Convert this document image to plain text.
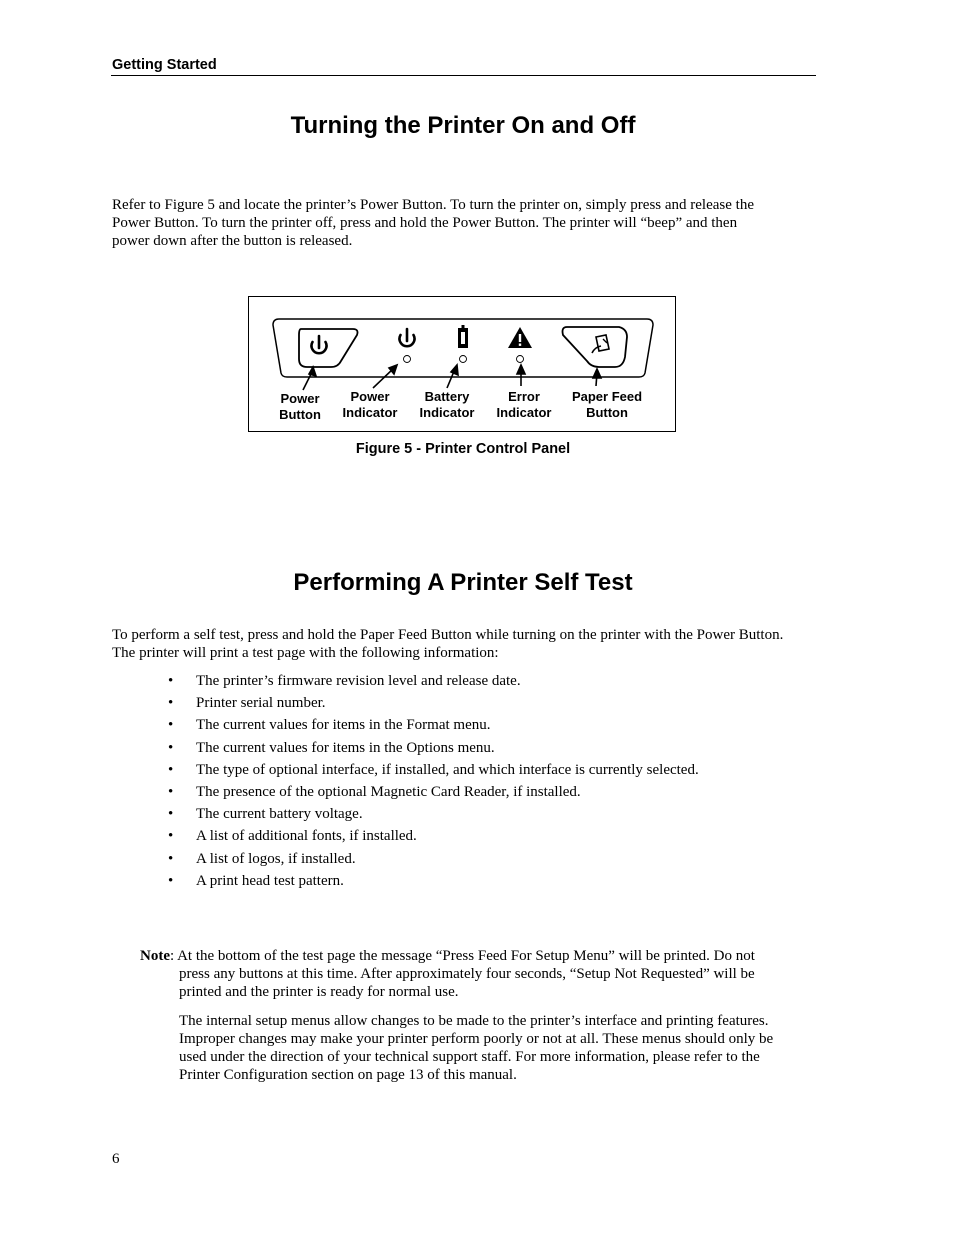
Getting Started
Turning the Printer On and Off
Refer to Figure 5 and locate the printer’s Power Button. To turn the printer on, simply press and release the
Power Button. To turn the printer off, press and hold the Power Button. The printer will “beep” and then
power down after the button is released.
Power
Button
Power
Indicator
Battery
Indicator
Error
Indicator
Paper Feed
Button
Figure 5 - Printer Control Panel
Performing A Printer Self Test
To perform a self test, press and hold the Paper Feed Button while turning on the printer with the Power Button.
The printer will print a test page with the following information:
• The printer’s firmware revision level and release date.
• Printer serial number.
• The current values for items in the Format menu.
• The current values for items in the Options menu.
• The type of optional interface, if installed, and which interface is currently selected.
• The presence of the optional Magnetic Card Reader, if installed.
• The current battery voltage.
• A list of additional fonts, if installed.
• A list of logos, if installed.
• A print head test pattern.
Note: At the bottom of the test page the message “Press Feed For Setup Menu” will be printed. Do not
press any buttons at this time. After approximately four seconds, “Setup Not Requested” will be
printed and the printer is ready for normal use.
The internal setup menus allow changes to be made to the printer’s interface and printing features.
Improper changes may make your printer perform poorly or not at all. These menus should only be
used under the direction of your technical support staff. For more information, please refer to the
Printer Configuration section on page 13 of this manual.
6
